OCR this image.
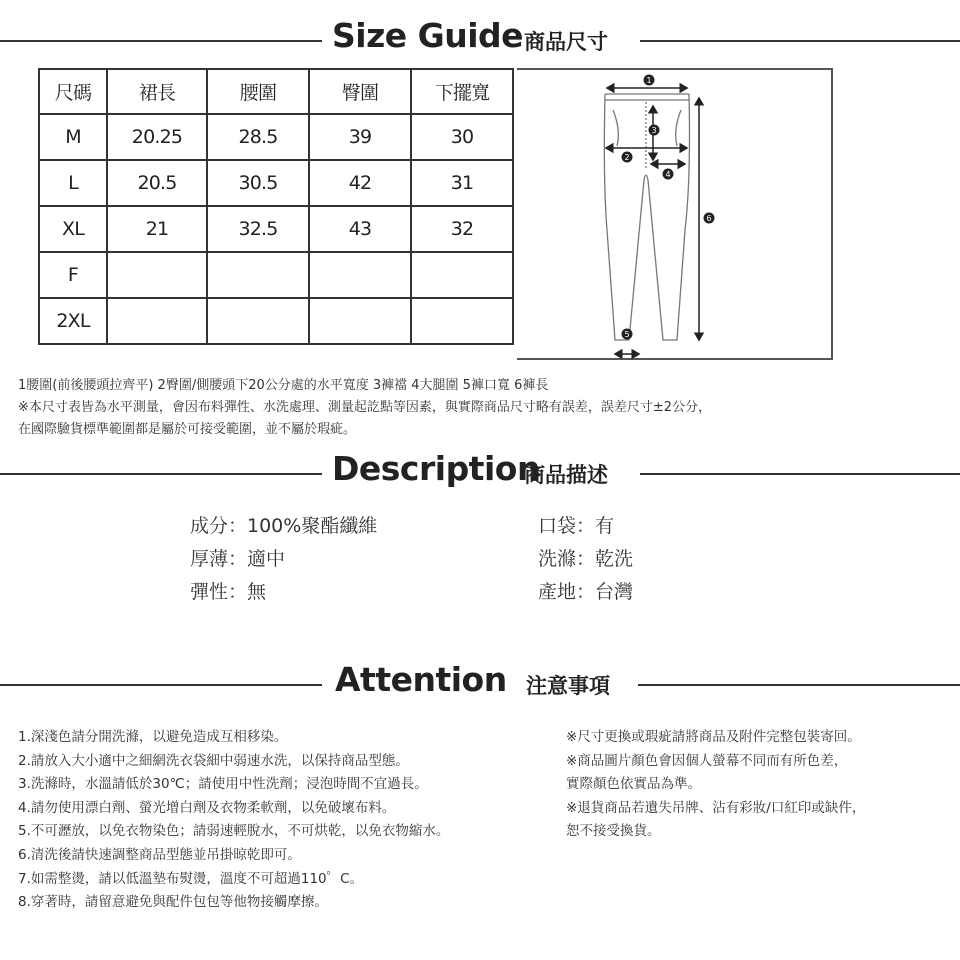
Size Guide 商品尺寸
尺碼	裙長	腰圍	臀圍	下擺寬
M	20.25	28.5	39	30
L	20.5	30.5	42	31
XL	21	32.5	43	32
F				
2XL				
1
2
3
4
5
6
1腰圍(前後腰頭拉齊平) 2臀圍/側腰頭下20公分處的水平寬度 3褲襠 4大腿圍 5褲口寬 6褲長
※本尺寸表皆為水平測量，會因布料彈性、水洗處理、測量起訖點等因素，與實際商品尺寸略有誤差，誤差尺寸±2公分，
在國際驗貨標準範圍都是屬於可接受範圍，並不屬於瑕疵。
Description
商品描述
成分：100%聚酯纖維
厚薄：適中
彈性：無
口袋：有
洗滌：乾洗
產地：台灣
Attention 注意事項
1.深淺色請分開洗滌，以避免造成互相移染。
2.請放入大小適中之細網洗衣袋細中弱速水洗，以保持商品型態。
3.洗滌時，水溫請低於30℃；請使用中性洗劑；浸泡時間不宜過長。
4.請勿使用漂白劑、螢光增白劑及衣物柔軟劑，以免破壞布料。
5.不可瀝放，以免衣物染色；請弱速輕脫水，不可烘乾，以免衣物縮水。
6.清洗後請快速調整商品型態並吊掛晾乾即可。
7.如需整燙，請以低溫墊布熨燙，溫度不可超過110゜C。
8.穿著時，請留意避免與配件包包等他物接觸摩擦。
※尺寸更換或瑕疵請將商品及附件完整包裝寄回。
※商品圖片顏色會因個人螢幕不同而有所色差，
實際顏色依實品為準。
※退貨商品若遺失吊牌、沾有彩妝/口紅印或缺件，
恕不接受換貨。
